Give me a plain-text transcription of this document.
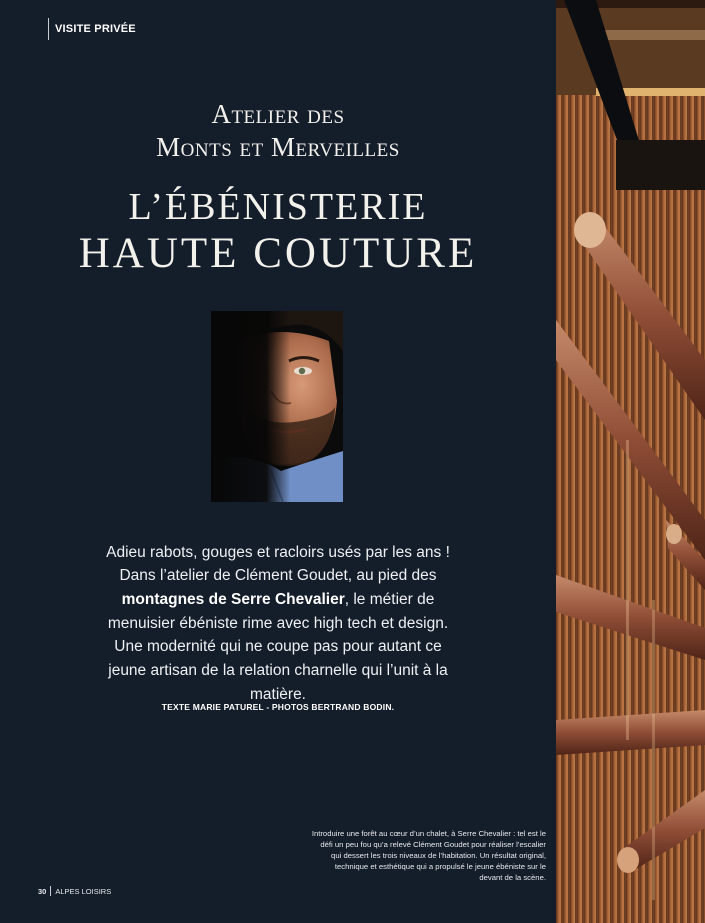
VISITE PRIVÉE
Atelier des
Monts et Merveilles
L’ÉBÉNISTERIE
HAUTE COUTURE

Adieu rabots, gouges et racloirs usés par les ans ! Dans l’atelier de Clément Goudet, au pied des montagnes de Serre Chevalier, le métier de menuisier ébéniste rime avec high tech et design. Une modernité qui ne coupe pas pour autant ce jeune artisan de la relation charnelle qui l’unit à la matière.

TEXTE MARIE PATUREL - PHOTOS BERTRAND BODIN.
Introduire une forêt au cœur d’un chalet, à Serre Chevalier : tel est le défi un peu fou qu’a relevé Clément Goudet pour réaliser l’escalier qui dessert les trois niveaux de l’habitation. Un résultat original, technique et esthétique qui a propulsé le jeune ébéniste sur le devant de la scène.
30 ALPES LOISIRS
